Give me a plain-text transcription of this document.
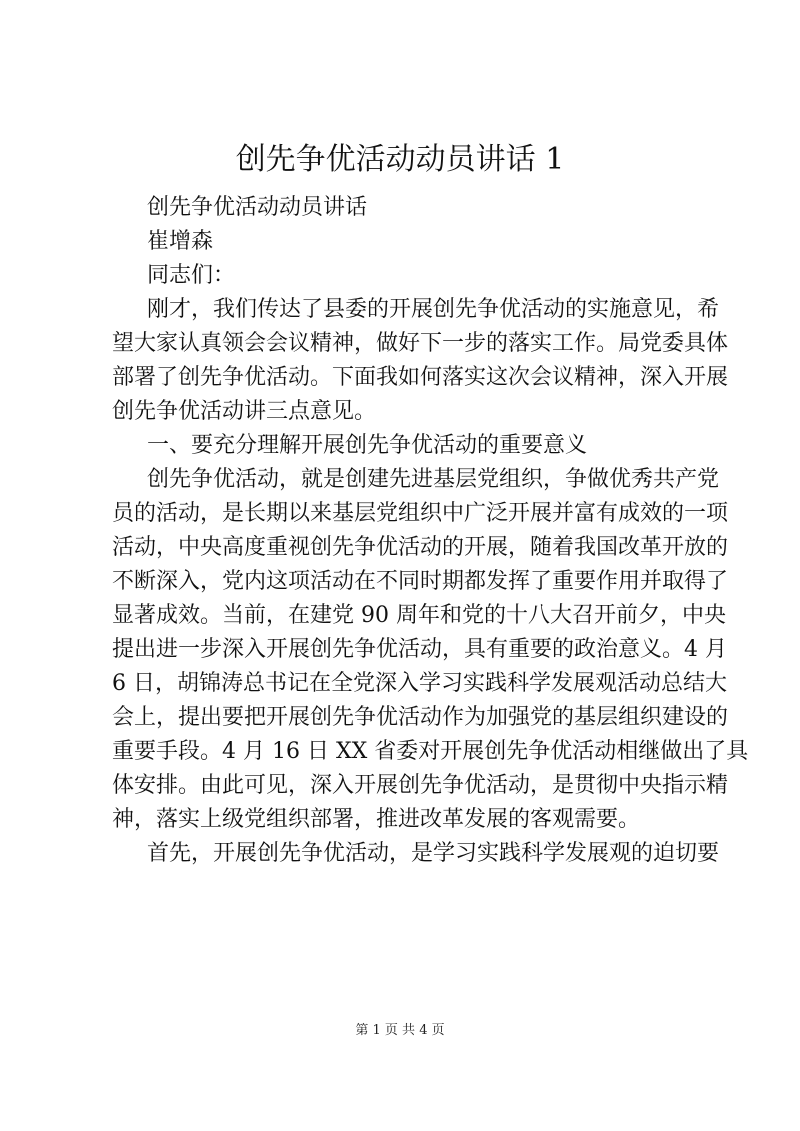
创先争优活动动员讲话 1
创先争优活动动员讲话
崔增森
同志们：
刚才，我们传达了县委的开展创先争优活动的实施意见，希
望大家认真领会会议精神，做好下一步的落实工作。局党委具体
部署了创先争优活动。下面我如何落实这次会议精神，深入开展
创先争优活动讲三点意见。
一、要充分理解开展创先争优活动的重要意义
创先争优活动，就是创建先进基层党组织，争做优秀共产党
员的活动，是长期以来基层党组织中广泛开展并富有成效的一项
活动，中央高度重视创先争优活动的开展，随着我国改革开放的
不断深入，党内这项活动在不同时期都发挥了重要作用并取得了
显著成效。当前，在建党 90 周年和党的十八大召开前夕，中央
提出进一步深入开展创先争优活动，具有重要的政治意义。4 月
6 日，胡锦涛总书记在全党深入学习实践科学发展观活动总结大
会上，提出要把开展创先争优活动作为加强党的基层组织建设的
重要手段。4 月 16 日 XX 省委对开展创先争优活动相继做出了具
体安排。由此可见，深入开展创先争优活动，是贯彻中央指示精
神，落实上级党组织部署，推进改革发展的客观需要。
首先，开展创先争优活动，是学习实践科学发展观的迫切要
第 1 页 共 4 页
